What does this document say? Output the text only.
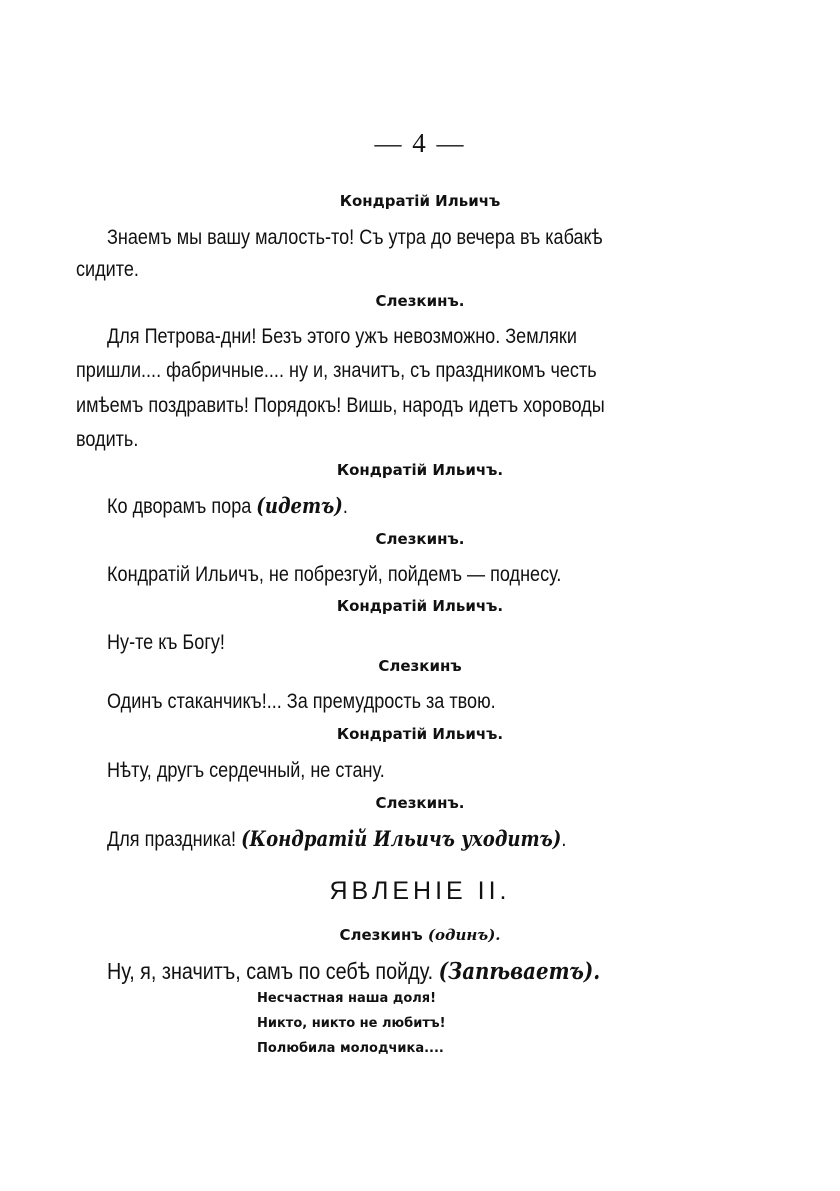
— 4 —
Кондратій Ильичъ
Знаемъ мы вашу малость-то! Съ утра до вечера въ кабакѣ
сидите.
Слезкинъ.
Для Петрова-дни! Безъ этого ужъ невозможно. Земляки
пришли.... фабричные.... ну и, значитъ, съ праздникомъ честь
имѣемъ поздравить! Порядокъ! Вишь, народъ идетъ хороводы
водить.
Кондратій Ильичъ.
Ко дворамъ пора (идетъ).
Слезкинъ.
Кондратій Ильичъ, не побрезгуй, пойдемъ — поднесу.
Кондратій Ильичъ.
Ну-те къ Богу!
Слезкинъ
Одинъ стаканчикъ!... За премудрость за твою.
Кондратій Ильичъ.
Нѣту, другъ сердечный, не стану.
Слезкинъ.
Для праздника! (Кондратій Ильичъ уходитъ).
ЯВЛЕНІЕ II.
Слезкинъ (одинъ).
Ну, я, значитъ, самъ по себѣ пойду. (Запѣваетъ).
Несчастная наша доля!
Никто, никто не любитъ!
Полюбила молодчика....
